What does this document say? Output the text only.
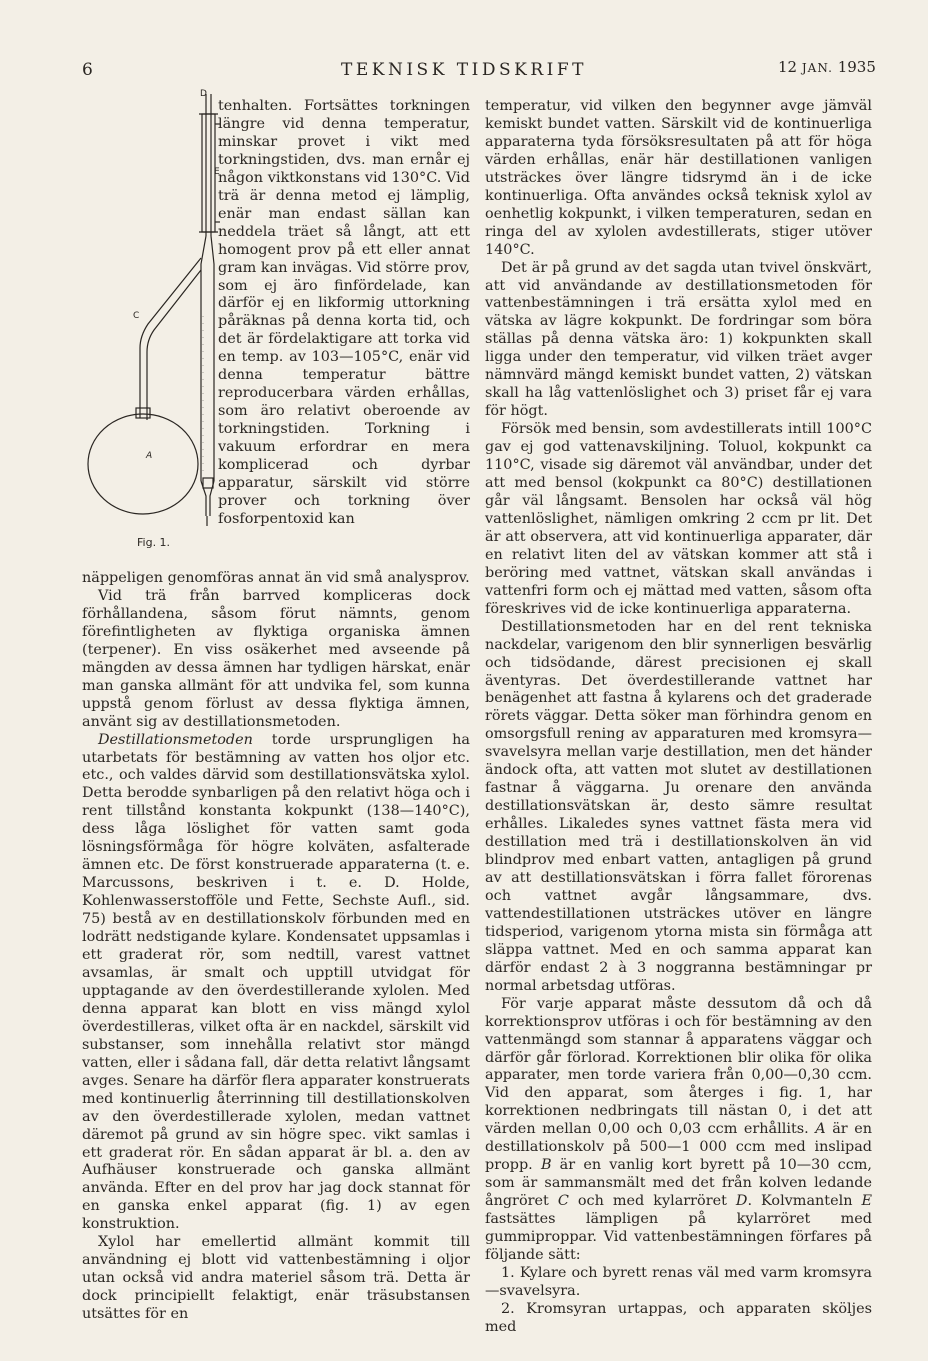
6	TEKNISK TIDSKRIFT	12 JAN. 1935
D
E
C
A
Fig. 1.

tenhalten. Fortsättes torkningen längre vid denna temperatur, minskar provet i vikt med torkningstiden, dvs. man ernår ej någon viktkonstans vid 130°C. Vid trä är denna metod ej lämplig, enär man endast sällan kan neddela träet så långt, att ett homogent prov på ett eller annat gram kan invägas. Vid större prov, som ej äro finfördelade, kan därför ej en likformig uttorkning påräknas på denna korta tid, och det är fördelaktigare att torka vid en temp. av 103—105°C, enär vid denna temperatur bättre reproducerbara värden erhållas, som äro relativt oberoende av torkningstiden. Torkning i vakuum erfordrar en mera komplicerad och dyrbar apparatur, särskilt vid större prover och torkning över fosforpentoxid kan

näppeligen genomföras annat än vid små analysprov.

Vid trä från barrved kompliceras dock förhållandena, såsom förut nämnts, genom förefintligheten av flyktiga organiska ämnen (terpener). En viss osäkerhet med avseende på mängden av dessa ämnen har tydligen härskat, enär man ganska allmänt för att undvika fel, som kunna uppstå genom förlust av dessa flyktiga ämnen, använt sig av destillationsmetoden.

Destillationsmetoden torde ursprungligen ha utarbetats för bestämning av vatten hos oljor etc. etc., och valdes därvid som destillationsvätska xylol. Detta berodde synbarligen på den relativt höga och i rent tillstånd konstanta kokpunkt (138—140°C), dess låga löslighet för vatten samt goda lösningsförmåga för högre kolväten, asfalterade ämnen etc. De först konstruerade apparaterna (t. e. Marcussons, beskriven i t. e. D. Holde, Kohlenwasserstofföle und Fette, Sechste Aufl., sid. 75) bestå av en destillationskolv förbunden med en lodrätt nedstigande kylare. Kondensatet uppsamlas i ett graderat rör, som nedtill, varest vattnet avsamlas, är smalt och upptill utvidgat för upptagande av den överdestillerande xylolen. Med denna apparat kan blott en viss mängd xylol överdestilleras, vilket ofta är en nackdel, särskilt vid substanser, som innehålla relativt stor mängd vatten, eller i sådana fall, där detta relativt långsamt avges. Senare ha därför flera apparater konstruerats med kontinuerlig återrinning till destillationskolven av den överdestillerade xylolen, medan vattnet däremot på grund av sin högre spec. vikt samlas i ett graderat rör. En sådan apparat är bl. a. den av Aufhäuser konstruerade och ganska allmänt använda. Efter en del prov har jag dock stannat för en ganska enkel apparat (fig. 1) av egen konstruktion.

Xylol har emellertid allmänt kommit till användning ej blott vid vattenbestämning i oljor utan också vid andra materiel såsom trä. Detta är dock principiellt felaktigt, enär träsubstansen utsättes för en

temperatur, vid vilken den begynner avge jämväl kemiskt bundet vatten. Särskilt vid de kontinuerliga apparaterna tyda försöksresultaten på att för höga värden erhållas, enär här destillationen vanligen utsträckes över längre tidsrymd än i de icke kontinuerliga. Ofta användes också teknisk xylol av oenhetlig kokpunkt, i vilken temperaturen, sedan en ringa del av xylolen avdestillerats, stiger utöver 140°C.

Det är på grund av det sagda utan tvivel önskvärt, att vid användande av destillationsmetoden för vattenbestämningen i trä ersätta xylol med en vätska av lägre kokpunkt. De fordringar som böra ställas på denna vätska äro: 1) kokpunkten skall ligga under den temperatur, vid vilken träet avger nämnvärd mängd kemiskt bundet vatten, 2) vätskan skall ha låg vattenlöslighet och 3) priset får ej vara för högt.

Försök med bensin, som avdestillerats intill 100°C gav ej god vattenavskiljning. Toluol, kokpunkt ca 110°C, visade sig däremot väl användbar, under det att med bensol (kokpunkt ca 80°C) destillationen går väl långsamt. Bensolen har också väl hög vattenlöslighet, nämligen omkring 2 ccm pr lit. Det är att observera, att vid kontinuerliga apparater, där en relativt liten del av vätskan kommer att stå i beröring med vattnet, vätskan skall användas i vattenfri form och ej mättad med vatten, såsom ofta föreskrives vid de icke kontinuerliga apparaterna.

Destillationsmetoden har en del rent tekniska nackdelar, varigenom den blir synnerligen besvärlig och tidsödande, därest precisionen ej skall äventyras. Det överdestillerande vattnet har benägenhet att fastna å kylarens och det graderade rörets väggar. Detta söker man förhindra genom en omsorgsfull rening av apparaturen med kromsyra—svavelsyra mellan varje destillation, men det händer ändock ofta, att vatten mot slutet av destillationen fastnar å väggarna. Ju orenare den använda destillationsvätskan är, desto sämre resultat erhålles. Likaledes synes vattnet fästa mera vid destillation med trä i destillationskolven än vid blindprov med enbart vatten, antagligen på grund av att destillationsvätskan i förra fallet förorenas och vattnet avgår långsammare, dvs. vattendestillationen utsträckes utöver en längre tidsperiod, varigenom ytorna mista sin förmåga att släppa vattnet. Med en och samma apparat kan därför endast 2 à 3 noggranna bestämningar pr normal arbetsdag utföras.

För varje apparat måste dessutom då och då korrektionsprov utföras i och för bestämning av den vattenmängd som stannar å apparatens väggar och därför går förlorad. Korrektionen blir olika för olika apparater, men torde variera från 0,00—0,30 ccm. Vid den apparat, som återges i fig. 1, har korrektionen nedbringats till nästan 0, i det att värden mellan 0,00 och 0,03 ccm erhållits. A är en destillationskolv på 500—1 000 ccm med inslipad propp. B är en vanlig kort byrett på 10—30 ccm, som är sammansmält med det från kolven ledande ångröret C och med kylarröret D. Kolvmanteln E fastsättes lämpligen på kylarröret med gummiproppar. Vid vattenbestämningen förfares på följande sätt:

1. Kylare och byrett renas väl med varm kromsyra—svavelsyra.

2. Kromsyran urtappas, och apparaten sköljes med
